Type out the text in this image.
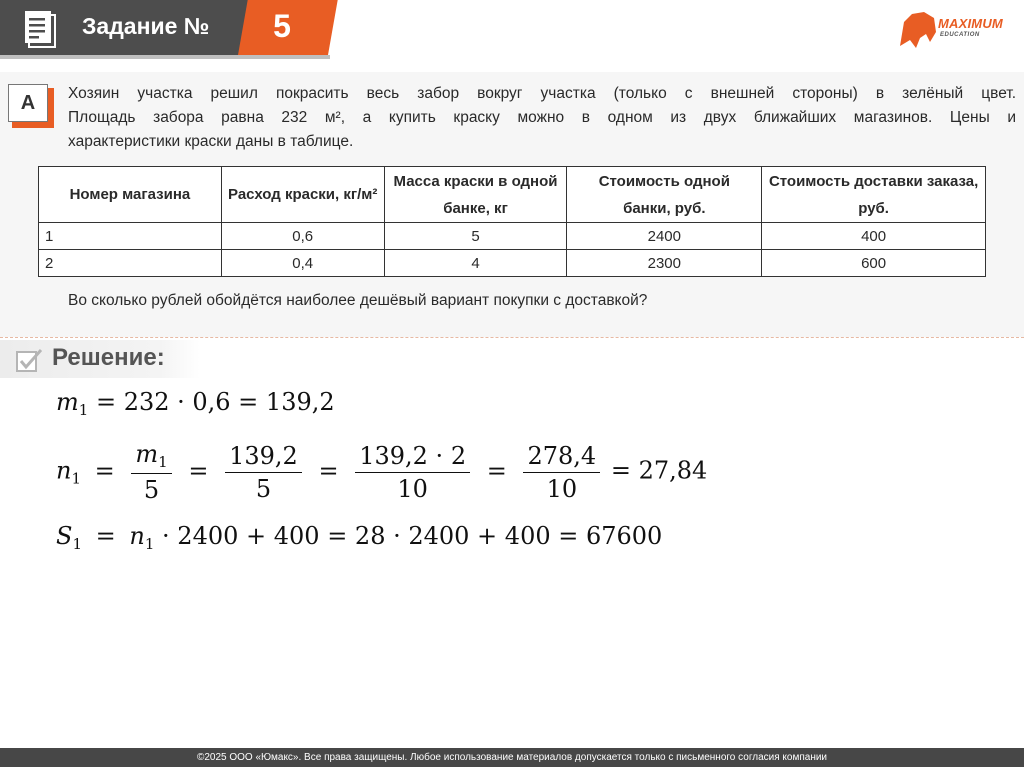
Задание №	5	MAXIMUM
EDUCATION
А	Хозяин участка решил покрасить весь забор вокруг участка (только с внешней стороны) в зелёный цвет.
Площадь забора равна 232 м², а купить краску можно в одном из двух ближайших магазинов. Цены и
характеристики краски даны в таблице.
Номер магазина	Расход краски, кг/м²	Масса краски в одной банке, кг	Стоимость одной банки, руб.	Стоимость доставки заказа, руб.
1	0,6	5	2400	400
2	0,4	4	2300	600
Во сколько рублей обойдётся наиболее дешёвый вариант покупки с доставкой?
Решение:
$m_1 = 232 \cdot 0,6 = 139,2$
$n_1 = \frac{m_1}{5} = \frac{139,2}{5} = \frac{139,2 \cdot 2}{10} = \frac{278,4}{10} = 27,84$
$S_1 = n_1 \cdot 2400 + 400 = 28 \cdot 2400 + 400 = 67600$
©2025 ООО «Юмакс». Все права защищены. Любое использование материалов допускается только с письменного согласия компании
